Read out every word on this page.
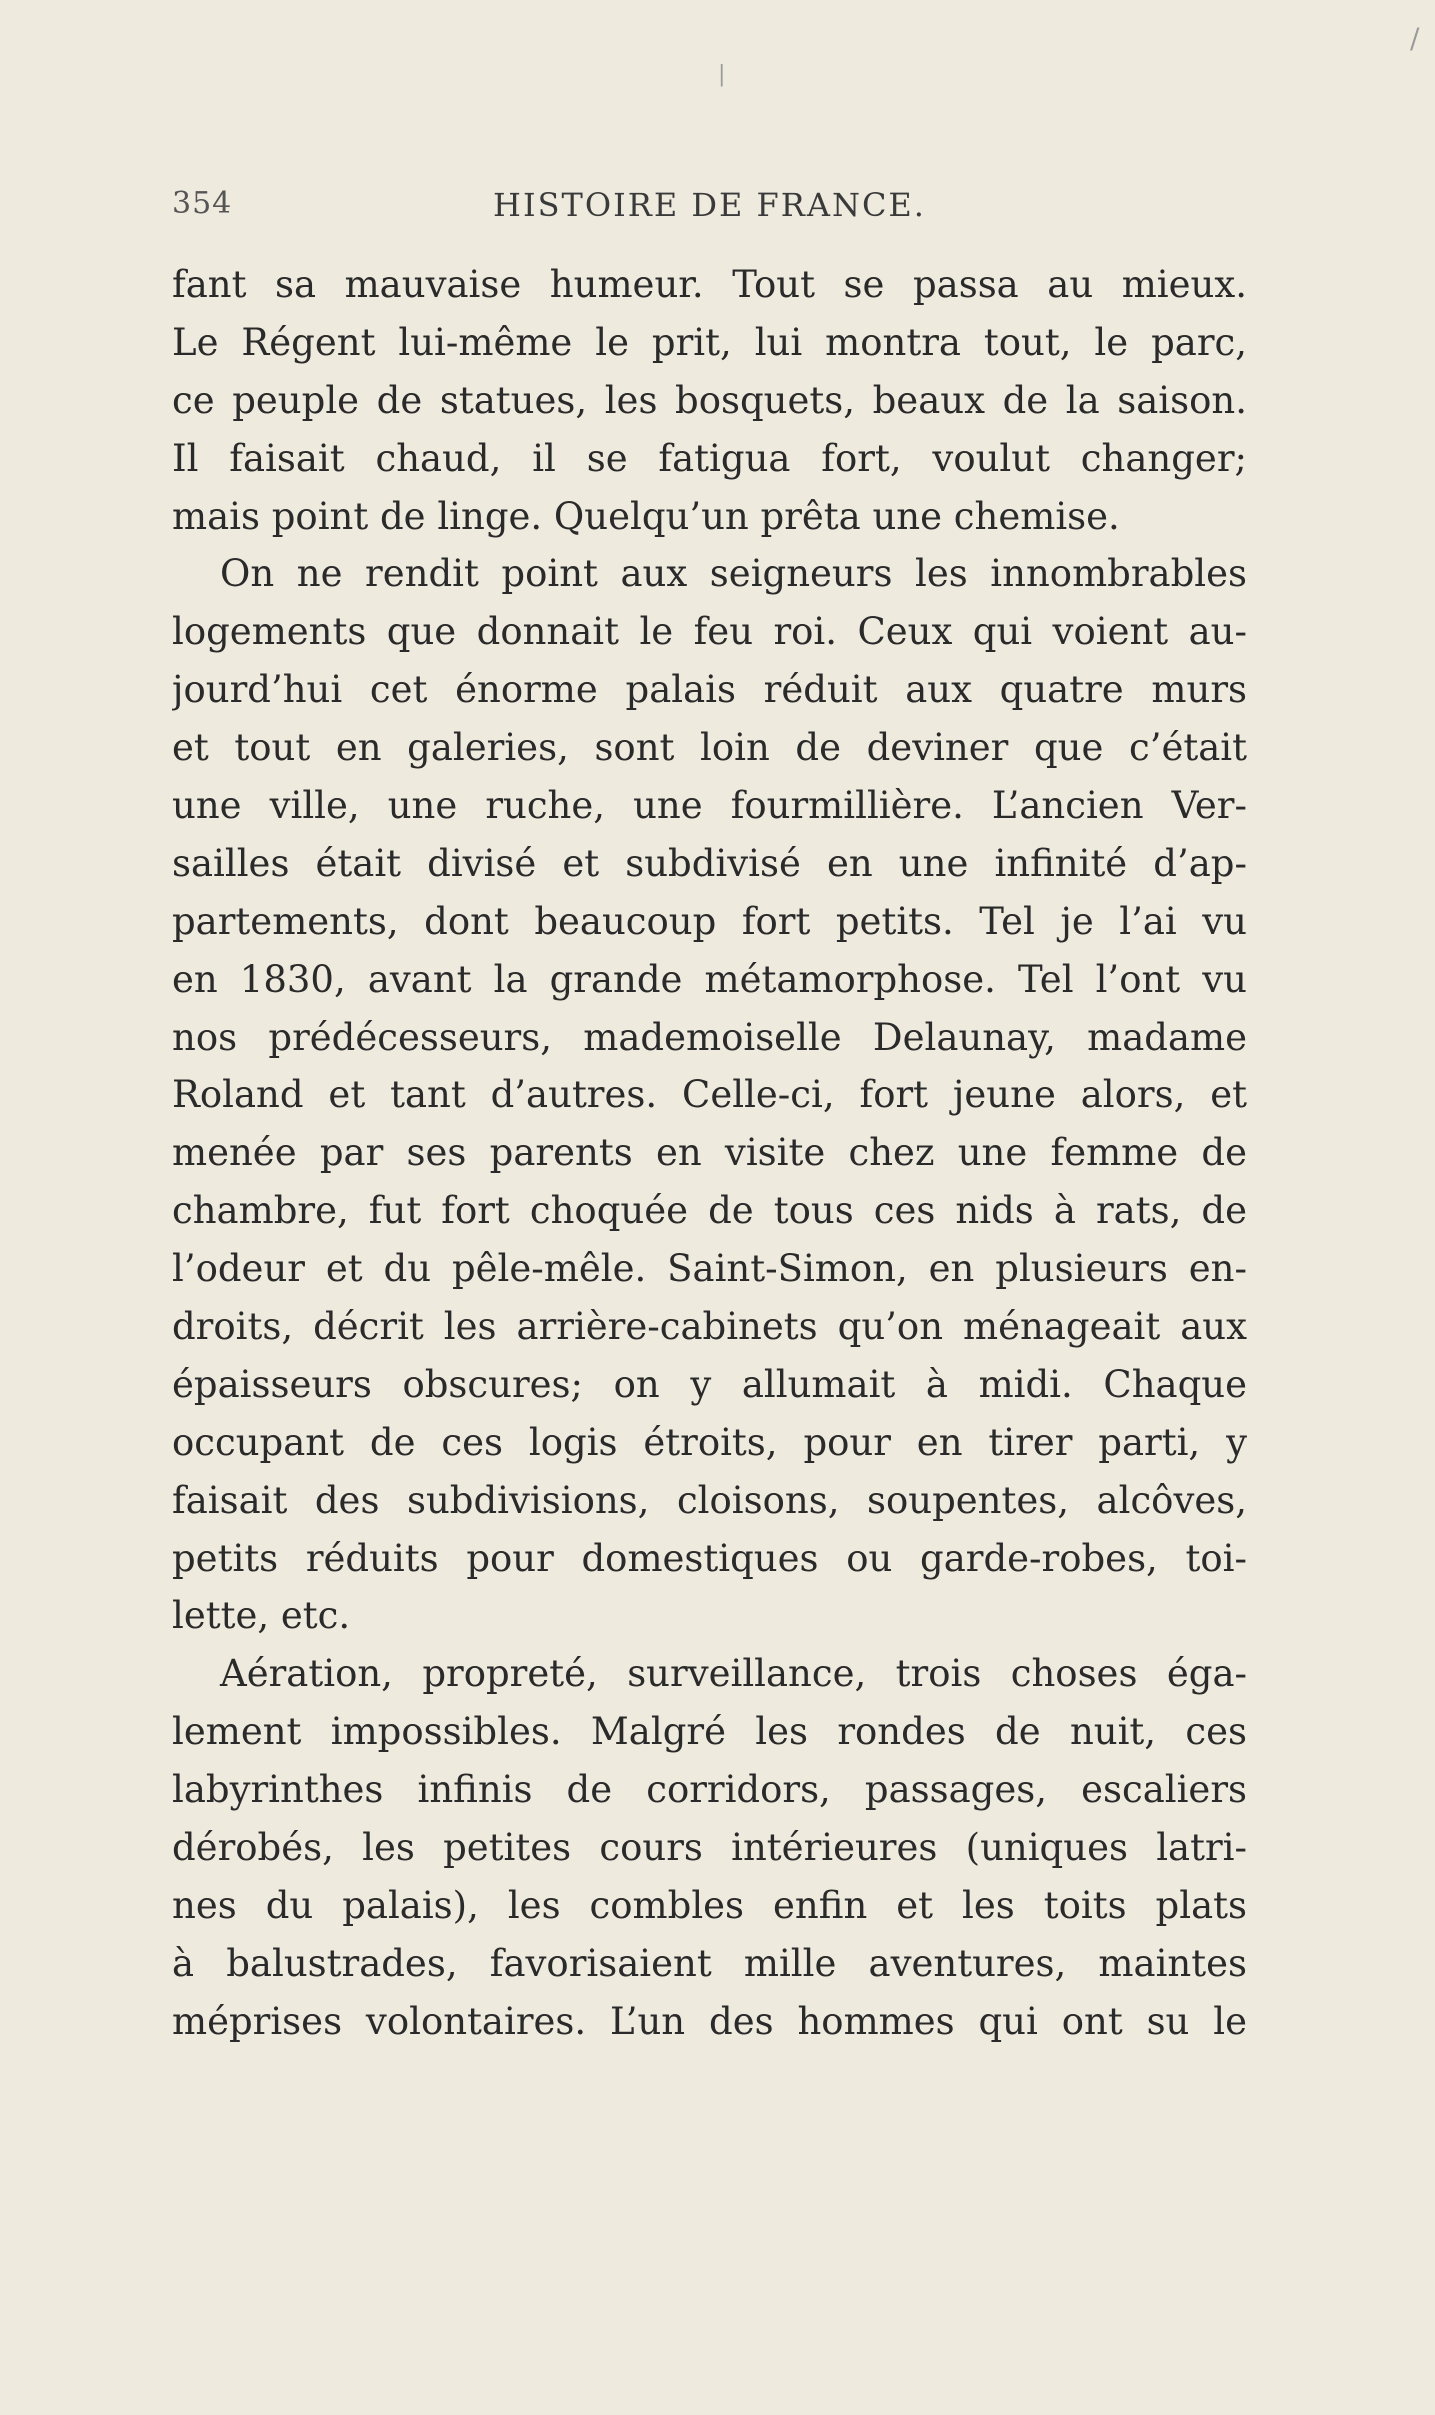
/
|
354	HISTOIRE DE FRANCE.
fant sa mauvaise humeur. Tout se passa au mieux.
Le Régent lui-même le prit, lui montra tout, le parc,
ce peuple de statues, les bosquets, beaux de la saison.
Il faisait chaud, il se fatigua fort, voulut changer;
mais point de linge. Quelqu’un prêta une chemise.
On ne rendit point aux seigneurs les innombrables
logements que donnait le feu roi. Ceux qui voient au-
jourd’hui cet énorme palais réduit aux quatre murs
et tout en galeries, sont loin de deviner que c’était
une ville, une ruche, une fourmillière. L’ancien Ver-
sailles était divisé et subdivisé en une infinité d’ap-
partements, dont beaucoup fort petits. Tel je l’ai vu
en 1830, avant la grande métamorphose. Tel l’ont vu
nos prédécesseurs, mademoiselle Delaunay, madame
Roland et tant d’autres. Celle-ci, fort jeune alors, et
menée par ses parents en visite chez une femme de
chambre, fut fort choquée de tous ces nids à rats, de
l’odeur et du pêle-mêle. Saint-Simon, en plusieurs en-
droits, décrit les arrière-cabinets qu’on ménageait aux
épaisseurs obscures; on y allumait à midi. Chaque
occupant de ces logis étroits, pour en tirer parti, y
faisait des subdivisions, cloisons, soupentes, alcôves,
petits réduits pour domestiques ou garde-robes, toi-
lette, etc.
Aération, propreté, surveillance, trois choses éga-
lement impossibles. Malgré les rondes de nuit, ces
labyrinthes infinis de corridors, passages, escaliers
dérobés, les petites cours intérieures (uniques latri-
nes du palais), les combles enfin et les toits plats
à balustrades, favorisaient mille aventures, maintes
méprises volontaires. L’un des hommes qui ont su le
